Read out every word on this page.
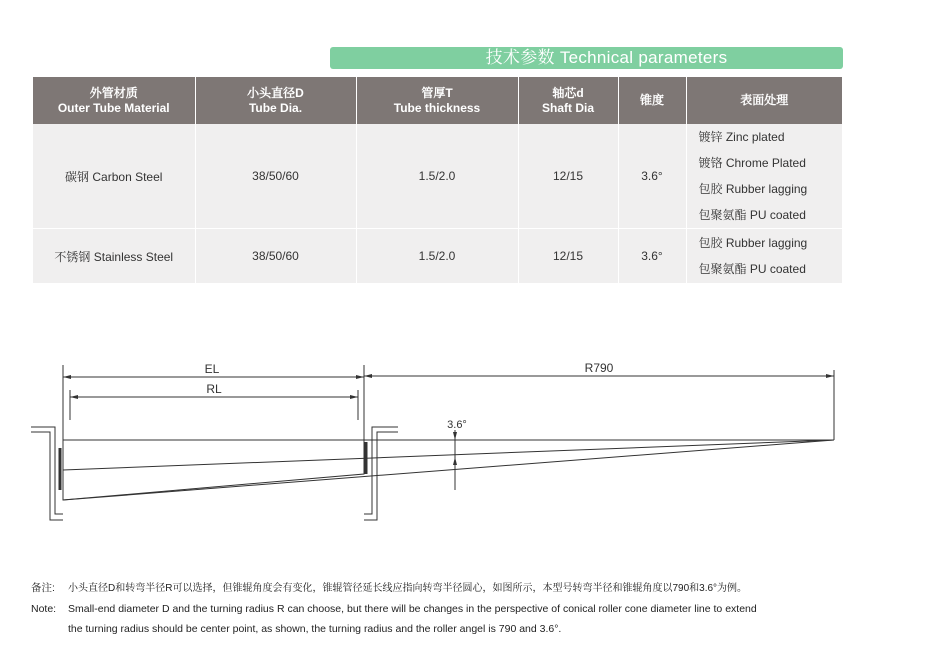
技术参数 Technical parameters
外管材质
Outer Tube Material	小头直径D
Tube Dia.	管厚T
Tube thickness	轴芯d
Shaft Dia	锥度	表面处理
碳钢 Carbon Steel	38/50/60	1.5/2.0	12/15	3.6°	镀锌 Zinc plated
镀铬 Chrome Plated
包胶 Rubber lagging
包聚氨酯 PU coated

不锈钢 Stainless Steel	38/50/60	1.5/2.0	12/15	3.6°	包胶 Rubber lagging
包聚氨酯 PU coated
EL
RL
R790
3.6°
备注: 小头直径D和转弯半径R可以选择，但锥辊角度会有变化，锥辊管径延长线应指向转弯半径圆心，如图所示，本型号转弯半径和锥辊角度以790和3.6°为例。
Note: Small-end diameter D and the turning radius R can choose, but there will be changes in the perspective of conical roller cone diameter line to extend
the turning radius should be center point, as shown, the turning radius and the roller angel is 790 and 3.6°.
